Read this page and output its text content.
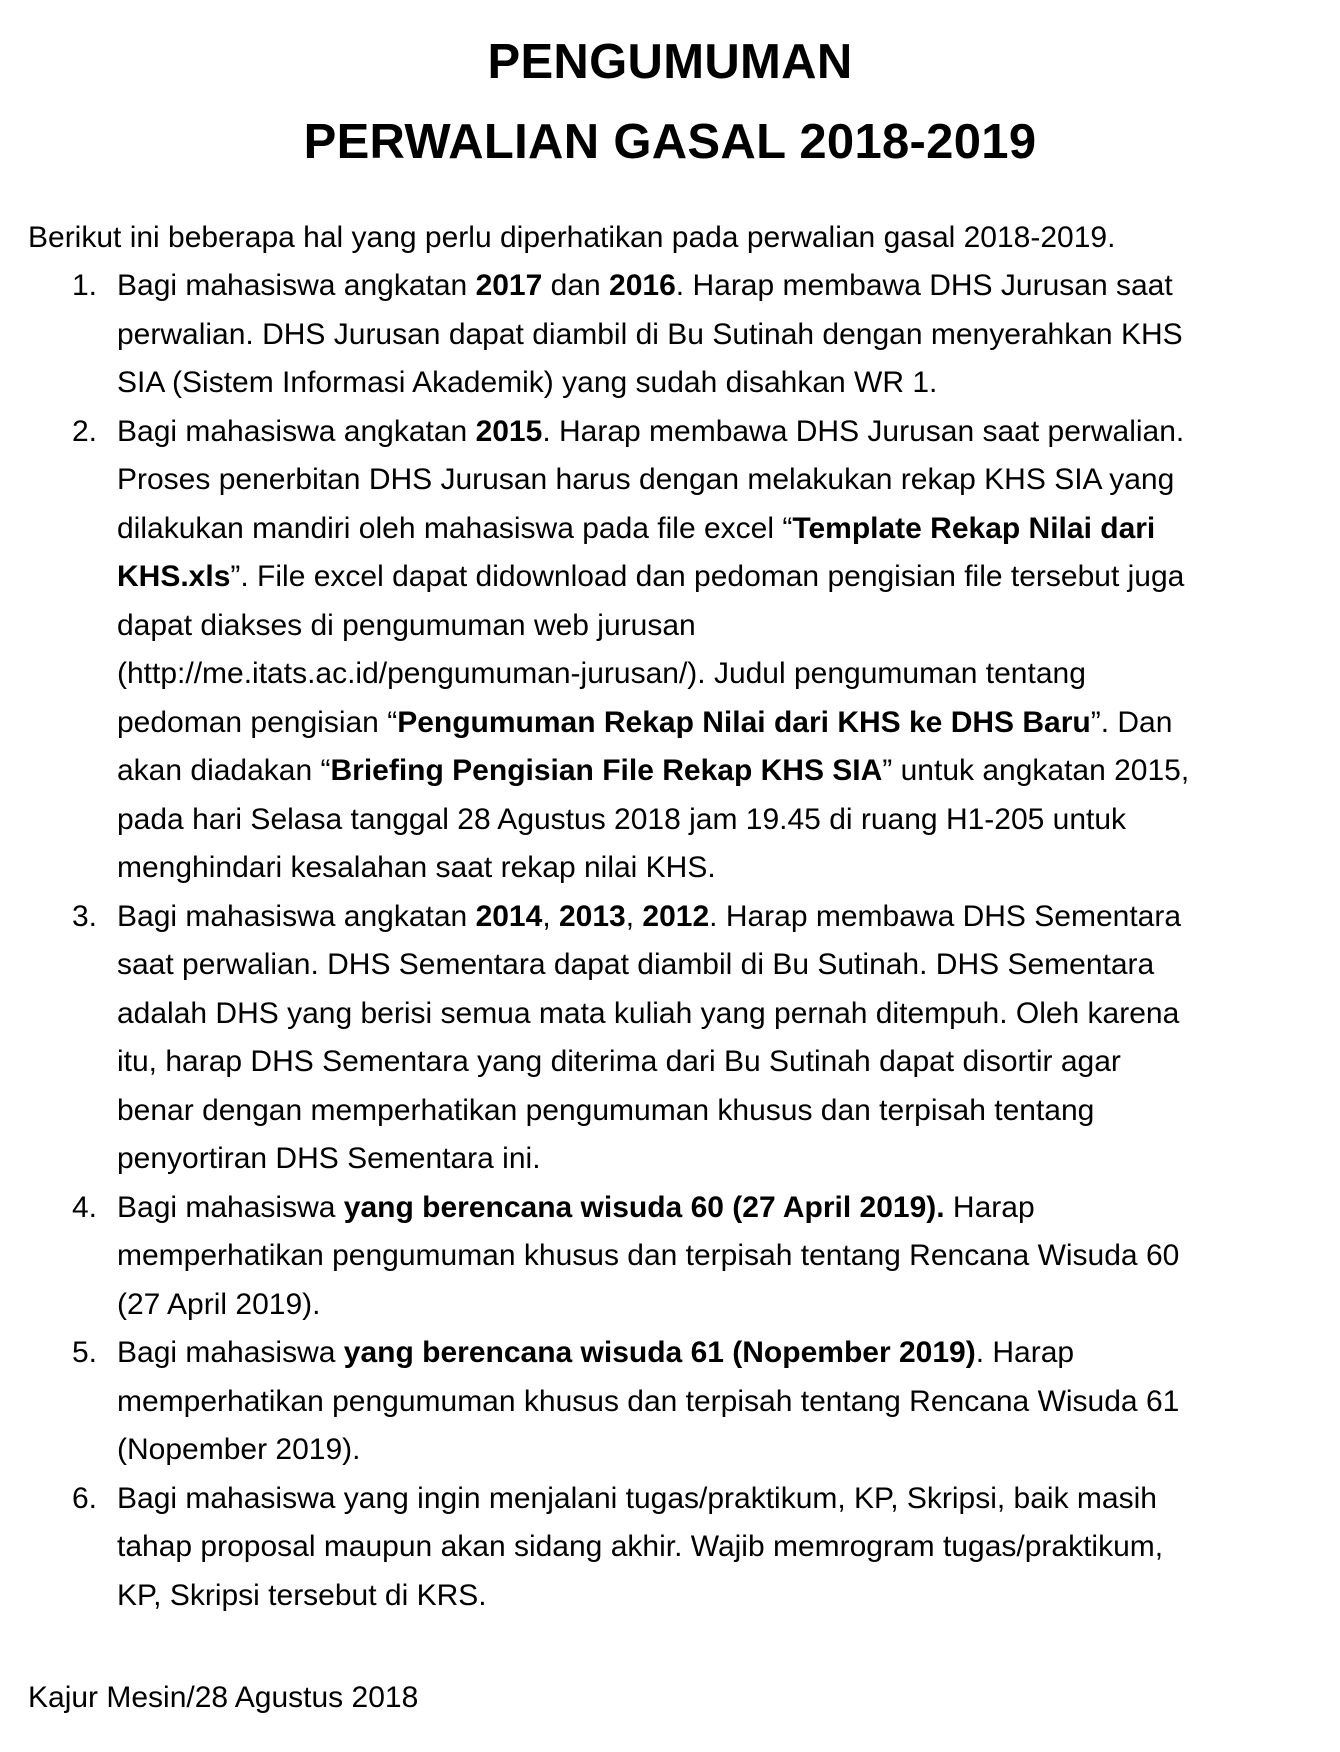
PENGUMUMAN
PERWALIAN GASAL 2018-2019
Berikut ini beberapa hal yang perlu diperhatikan pada perwalian gasal 2018-2019.
1. Bagi mahasiswa angkatan 2017 dan 2016. Harap membawa DHS Jurusan saat
perwalian. DHS Jurusan dapat diambil di Bu Sutinah dengan menyerahkan KHS
SIA (Sistem Informasi Akademik) yang sudah disahkan WR 1.
2. Bagi mahasiswa angkatan 2015. Harap membawa DHS Jurusan saat perwalian.
Proses penerbitan DHS Jurusan harus dengan melakukan rekap KHS SIA yang
dilakukan mandiri oleh mahasiswa pada file excel “Template Rekap Nilai dari
KHS.xls”. File excel dapat didownload dan pedoman pengisian file tersebut juga
dapat diakses di pengumuman web jurusan
(http://me.itats.ac.id/pengumuman-jurusan/). Judul pengumuman tentang
pedoman pengisian “Pengumuman Rekap Nilai dari KHS ke DHS Baru”. Dan
akan diadakan “Briefing Pengisian File Rekap KHS SIA” untuk angkatan 2015,
pada hari Selasa tanggal 28 Agustus 2018 jam 19.45 di ruang H1-205 untuk
menghindari kesalahan saat rekap nilai KHS.
3. Bagi mahasiswa angkatan 2014, 2013, 2012. Harap membawa DHS Sementara
saat perwalian. DHS Sementara dapat diambil di Bu Sutinah. DHS Sementara
adalah DHS yang berisi semua mata kuliah yang pernah ditempuh. Oleh karena
itu, harap DHS Sementara yang diterima dari Bu Sutinah dapat disortir agar
benar dengan memperhatikan pengumuman khusus dan terpisah tentang
penyortiran DHS Sementara ini.
4. Bagi mahasiswa yang berencana wisuda 60 (27 April 2019). Harap
memperhatikan pengumuman khusus dan terpisah tentang Rencana Wisuda 60
(27 April 2019).
5. Bagi mahasiswa yang berencana wisuda 61 (Nopember 2019). Harap
memperhatikan pengumuman khusus dan terpisah tentang Rencana Wisuda 61
(Nopember 2019).
6. Bagi mahasiswa yang ingin menjalani tugas/praktikum, KP, Skripsi, baik masih
tahap proposal maupun akan sidang akhir. Wajib memrogram tugas/praktikum,
KP, Skripsi tersebut di KRS.
Kajur Mesin/28 Agustus 2018
